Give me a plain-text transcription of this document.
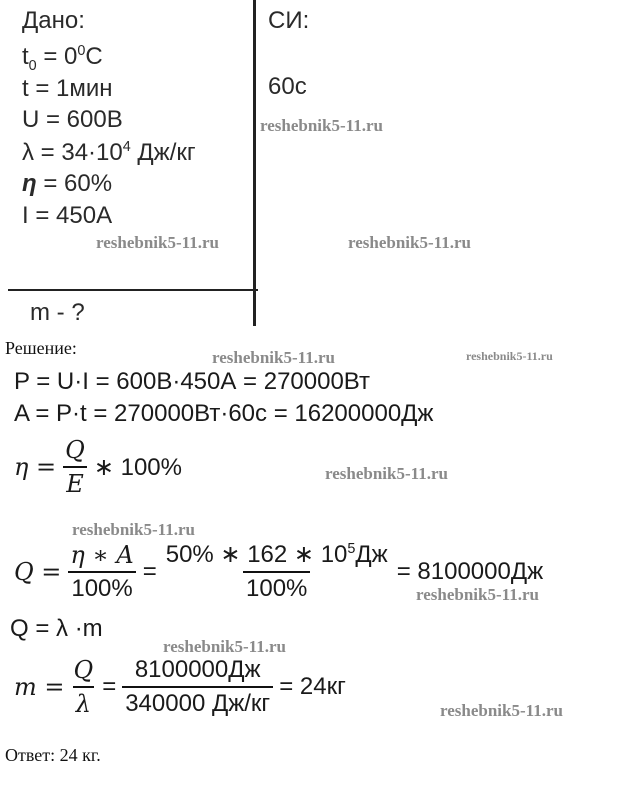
Дано:
$t_0 = 0^0C$
t = 1мин
U = 600В
$\lambda = 34\cdot 10^4$ Дж/кг
η = 60%
I = 450А
m - ?
СИ:
60с
Решение:
P = U·I = 600В·450А = 270000Вт
A = P·t = 270000Вт·60с = 16200000Дж
$\eta = \frac{Q}{E}$ ∗ 100%
$Q = \frac{\eta ∗ A}{100\%} = \frac{50\% ∗ 162 ∗ 10^5Дж}{100\%} = 8100000Дж$
Q = λ ·m
$m = \frac{Q}{\lambda} = \frac{8100000Дж}{340000 Дж/кг} = 24кг$
Ответ: 24 кг.
reshebnik5-11.ru
reshebnik5-11.ru	reshebnik5-11.ru
reshebnik5-11.ru	reshebnik5-11.ru
reshebnik5-11.ru
reshebnik5-11.ru
reshebnik5-11.ru
reshebnik5-11.ru
reshebnik5-11.ru
